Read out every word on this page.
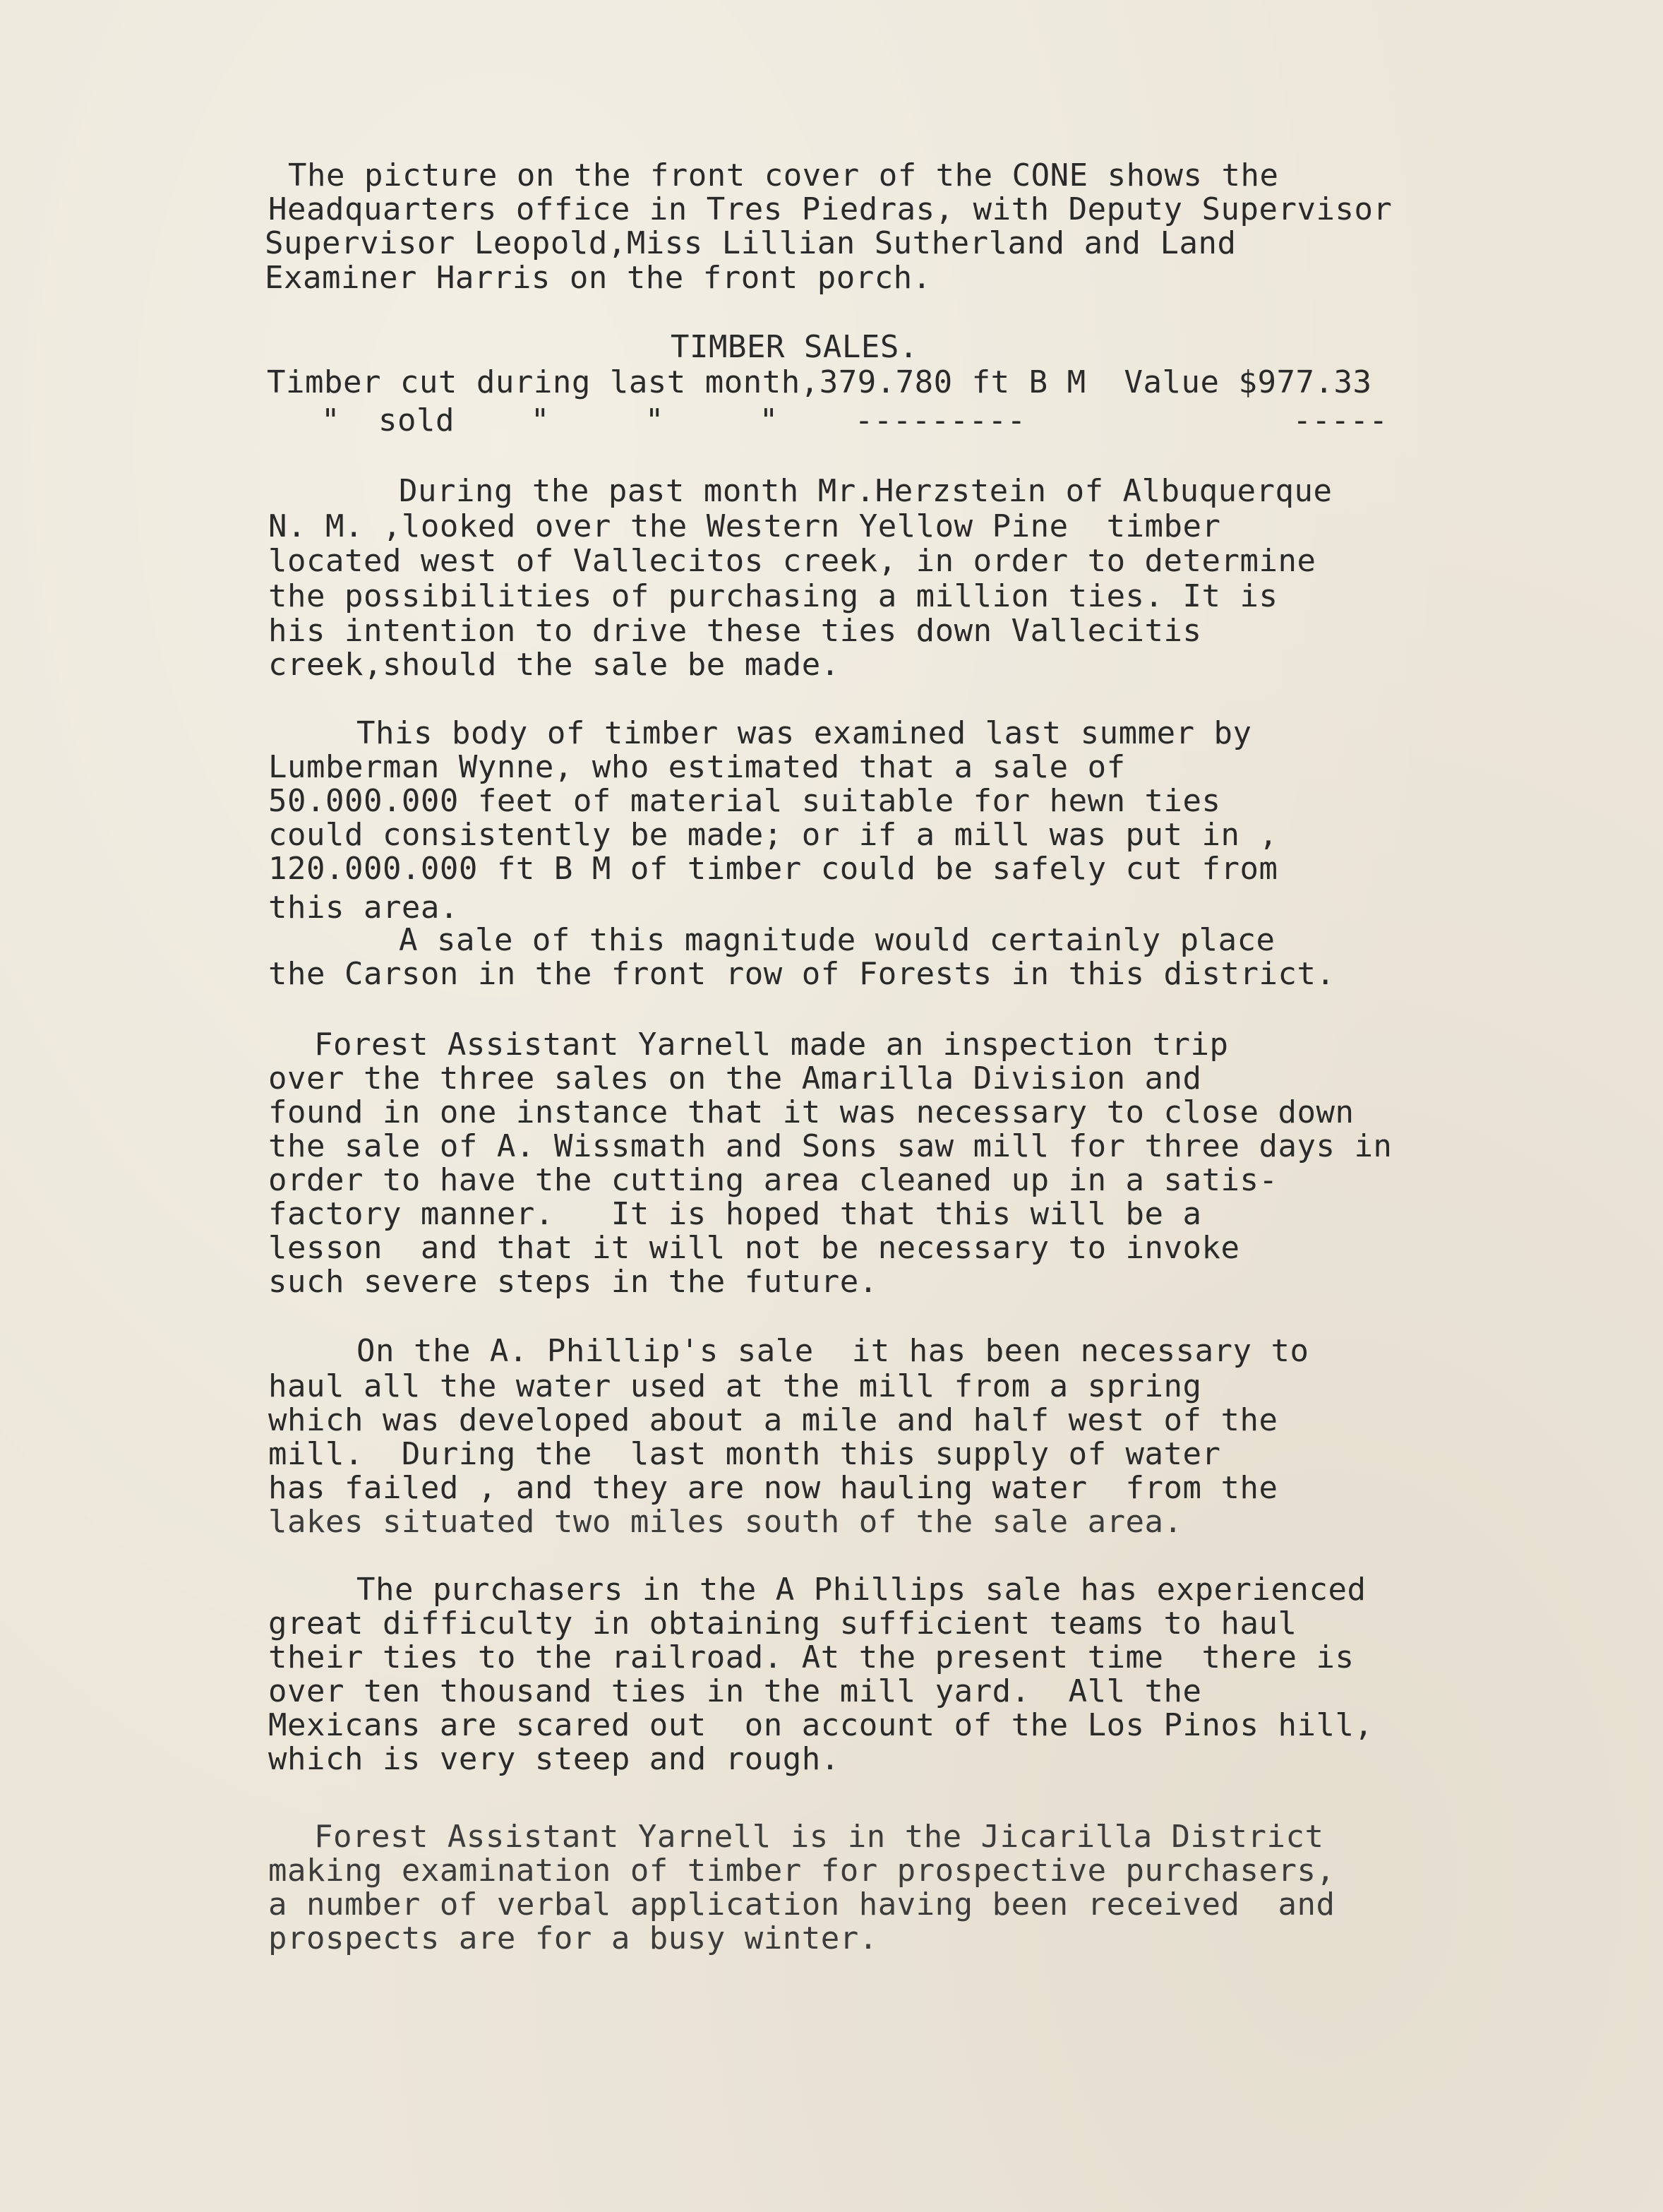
The picture on the front cover of the CONE shows the

Headquarters office in Tres Piedras, with Deputy Supervisor

Supervisor Leopold,Miss Lillian Sutherland and Land

Examiner Harris on the front porch.

TIMBER SALES.

Timber cut during last month,379.780 ft B M  Value $977.33

"  sold    "     "     "    ---------              -----

During the past month Mr.Herzstein of Albuquerque

N. M. ,looked over the Western Yellow Pine  timber

located west of Vallecitos creek, in order to determine

the possibilities of purchasing a million ties. It is

his intention to drive these ties down Vallecitis

creek,should the sale be made.

This body of timber was examined last summer by

Lumberman Wynne, who estimated that a sale of

50.000.000 feet of material suitable for hewn ties

could consistently be made; or if a mill was put in ,

120.000.000 ft B M of timber could be safely cut from

this area.

A sale of this magnitude would certainly place

the Carson in the front row of Forests in this district.

Forest Assistant Yarnell made an inspection trip

over the three sales on the Amarilla Division and

found in one instance that it was necessary to close down

the sale of A. Wissmath and Sons saw mill for three days in

order to have the cutting area cleaned up in a satis-

factory manner.   It is hoped that this will be a

lesson  and that it will not be necessary to invoke

such severe steps in the future.

On the A. Phillip's sale  it has been necessary to

haul all the water used at the mill from a spring

which was developed about a mile and half west of the

mill.  During the  last month this supply of water

has failed , and they are now hauling water  from the

lakes situated two miles south of the sale area.

The purchasers in the A Phillips sale has experienced

great difficulty in obtaining sufficient teams to haul

their ties to the railroad. At the present time  there is

over ten thousand ties in the mill yard.  All the

Mexicans are scared out  on account of the Los Pinos hill,

which is very steep and rough.

Forest Assistant Yarnell is in the Jicarilla District

making examination of timber for prospective purchasers,

a number of verbal application having been received  and

prospects are for a busy winter.
